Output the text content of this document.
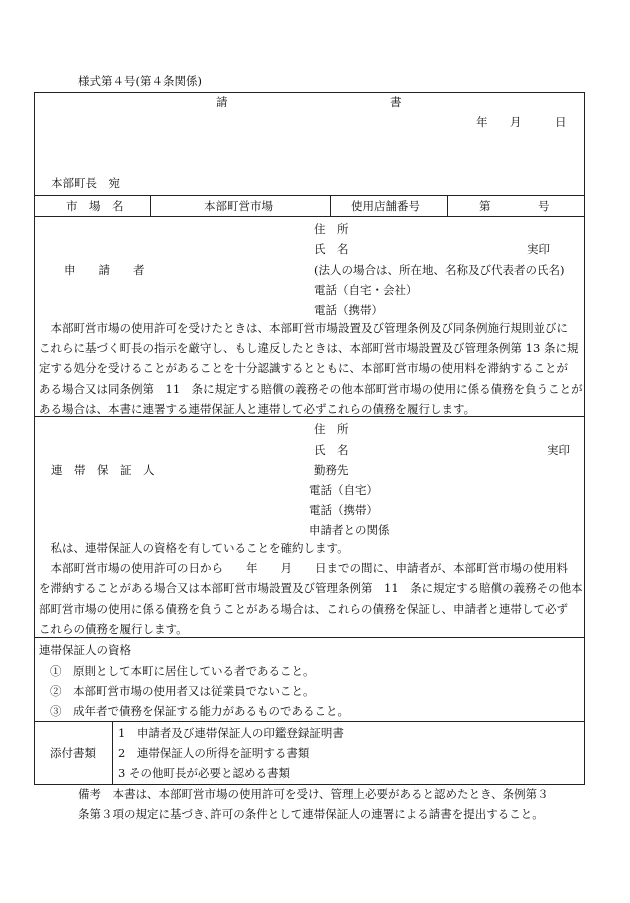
様式第４号(第４条関係)
請	書
年 月	日
本部町長　宛
市　場　名	本部町営市場	使用店舗番号	第	号
申　　請　　者
住　所
氏　名	実印
(法人の場合は、所在地、名称及び代表者の氏名)
電話（自宅・会社）
電話（携帯）
　本部町営市場の使用許可を受けたときは、本部町営市場設置及び管理条例及び同条例施行規則並びに
これらに基づく町長の指示を厳守し、もし違反したときは、本部町営市場設置及び管理条例第 13 条に規
定する処分を受けることがあることを十分認識するとともに、本部町営市場の使用料を滞納することが
ある場合又は同条例第　11　条に規定する賠償の義務その他本部町営市場の使用に係る債務を負うことが
ある場合は、本書に連署する連帯保証人と連帯して必ずこれらの債務を履行します。
連　帯　保　証　人
住　所
氏　名	実印
勤務先
電話（自宅）
電話（携帯）
申請者との関係
　私は、連帯保証人の資格を有していることを確約します。
　本部町営市場の使用許可の日から　　年　　月　　日までの間に、申請者が、本部町営市場の使用料
を滞納することがある場合又は本部町営市場設置及び管理条例第　11　条に規定する賠償の義務その他本
部町営市場の使用に係る債務を負うことがある場合は、これらの債務を保証し、申請者と連帯して必ず
これらの債務を履行します。
連帯保証人の資格
①　原則として本町に居住している者であること。
②　本部町営市場の使用者又は従業員でないこと。
③　成年者で債務を保証する能力があるものであること。
添付書類
1　申請者及び連帯保証人の印鑑登録証明書
2　連帯保証人の所得を証明する書類
3 その他町長が必要と認める書類
備考　本書は、本部町営市場の使用許可を受け、管理上必要があると認めたとき、条例第３
条第３項の規定に基づき､許可の条件として連帯保証人の連署による請書を提出すること。
